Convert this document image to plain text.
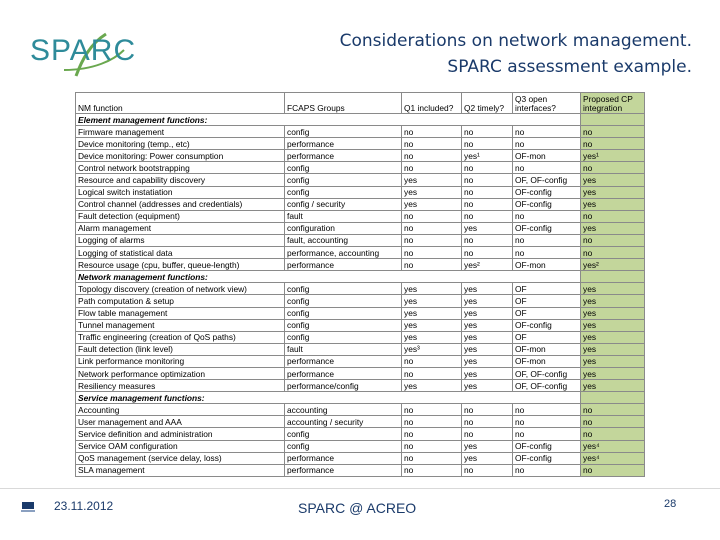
SPARC	Considerations on network management.
SPARC assessment example.
NM function	FCAPS Groups	Q1 included?	Q2 timely?	Q3 open interfaces?	Proposed CP integration
Element management functions:					
Firmware management	config	no	no	no	no
Device monitoring (temp., etc)	performance	no	no	no	no
Device monitoring: Power consumption	performance	no	yes¹	OF-mon	yes¹
Control network bootstrapping	config	no	no	no	no
Resource and capability discovery	config	yes	no	OF, OF-config	yes
Logical switch instatiation	config	yes	no	OF-config	yes
Control channel (addresses and credentials)	config / security	yes	no	OF-config	yes
Fault detection (equipment)	fault	no	no	no	no
Alarm management	configuration	no	yes	OF-config	yes
Logging of alarms	fault, accounting	no	no	no	no
Logging of statistical data	performance, accounting	no	no	no	no
Resource usage (cpu, buffer, queue-length)	performance	no	yes²	OF-mon	yes²
Network management functions:					
Topology discovery (creation of network view)	config	yes	yes	OF	yes
Path computation & setup	config	yes	yes	OF	yes
Flow table management	config	yes	yes	OF	yes
Tunnel management	config	yes	yes	OF-config	yes
Traffic engineering (creation of QoS paths)	config	yes	yes	OF	yes
Fault detection (link level)	fault	yes³	yes	OF-mon	yes
Link performance monitoring	performance	no	yes	OF-mon	yes
Network performance optimization	performance	no	yes	OF, OF-config	yes
Resiliency measures	performance/config	yes	yes	OF, OF-config	yes
Service management functions:					
Accounting	accounting	no	no	no	no
User management and AAA	accounting / security	no	no	no	no
Service definition and administration	config	no	no	no	no
Service OAM configuration	config	no	yes	OF-config	yes⁴
QoS management (service delay, loss)	performance	no	yes	OF-config	yes⁴
SLA management	performance	no	no	no	no
23.11.2012	SPARC @ ACREO	28
